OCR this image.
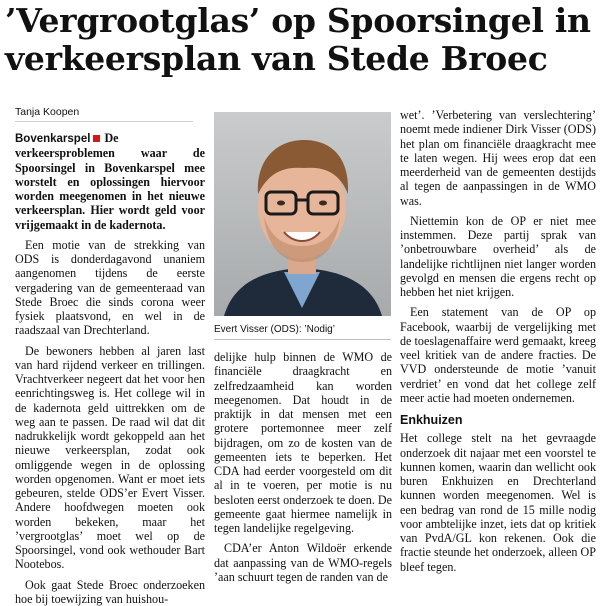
’Vergrootglas’ op Spoorsingel in verkeersplan van Stede Broec
Tanja Koopen

Bovenkarspel De verkeersproblemen waar de Spoorsingel in Bovenkarspel mee worstelt en oplossingen hiervoor worden meegenomen in het nieuwe verkeersplan. Hier wordt geld voor vrijgemaakt in de kadernota.

Een motie van de strekking van ODS is donderdagavond unaniem aangenomen tijdens de eerste vergadering van de gemeenteraad van Stede Broec die sinds corona weer fysiek plaatsvond, en wel in de raadszaal van Drechterland.

De bewoners hebben al jaren last van hard rijdend verkeer en trillingen. Vrachtverkeer negeert dat het voor hen eenrichtingsweg is. Het college wil in de kadernota geld uittrekken om de weg aan te passen. De raad wil dat dit nadrukkelijk wordt gekoppeld aan het nieuwe verkeersplan, zodat ook omliggende wegen in de oplossing worden opgenomen. Want er moet iets gebeuren, stelde ODS’er Evert Visser. Andere hoofdwegen moeten ook worden bekeken, maar het ’vergrootglas’ moet wel op de Spoorsingel, vond ook wethouder Bart Nootebos.

Ook gaat Stede Broec onderzoeken hoe bij toewijzing van huishou-

Evert Visser (ODS): ’Nodig’

delijke hulp binnen de WMO de financiële draagkracht en zelfredzaamheid kan worden meegenomen. Dat houdt in de praktijk in dat mensen met een grotere portemonnee meer zelf bijdragen, om zo de kosten van de gemeenten iets te beperken. Het CDA had eerder voorgesteld om dit al in te voeren, per motie is nu besloten eerst onderzoek te doen. De gemeente gaat hiermee namelijk in tegen landelijke regelgeving.

CDA’er Anton Wildoër erkende dat aanpassing van de WMO-regels ’aan schuurt tegen de randen van de

wet’. ’Verbetering van verslechtering’ noemt mede indiener Dirk Visser (ODS) het plan om financiële draagkracht mee te laten wegen. Hij wees erop dat een meerderheid van de gemeenten destijds al tegen de aanpassingen in de WMO was.

Niettemin kon de OP er niet mee instemmen. Deze partij sprak van ’onbetrouwbare overheid’ als de landelijke richtlijnen niet langer worden gevolgd en mensen die ergens recht op hebben het niet krijgen.

Een statement van de OP op Facebook, waarbij de vergelijking met de toeslagenaffaire werd gemaakt, kreeg veel kritiek van de andere fracties. De VVD ondersteunde de motie ’vanuit verdriet’ en vond dat het college zelf meer actie had moeten ondernemen.

Enkhuizen

Het college stelt na het gevraagde onderzoek dit najaar met een voorstel te kunnen komen, waarin dan wellicht ook buren Enkhuizen en Drechterland kunnen worden meegenomen. Wel is een bedrag van rond de 15 mille nodig voor ambtelijke inzet, iets dat op kritiek van PvdA/GL kon rekenen. Ook die fractie steunde het onderzoek, alleen OP bleef tegen.
